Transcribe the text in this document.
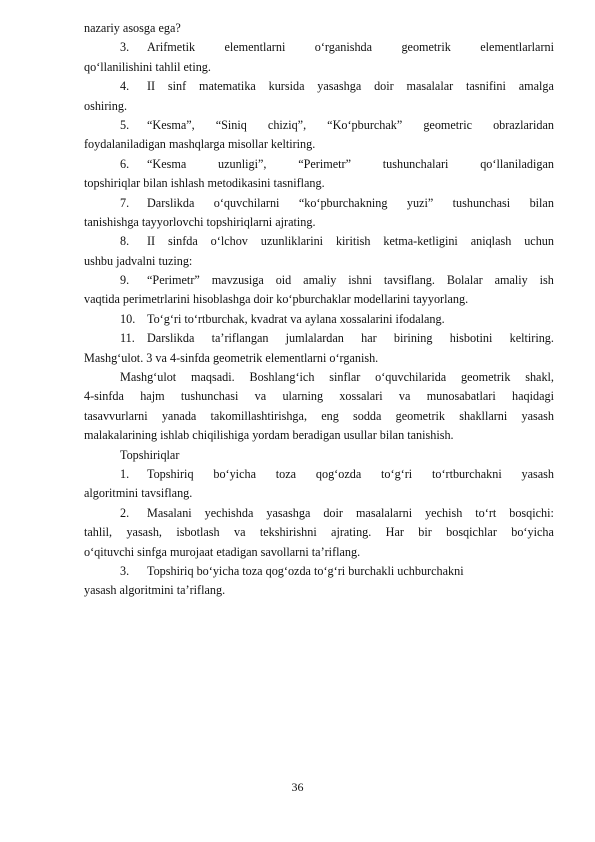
nazariy asosga ega?
3.	Arifmetik elementlarni o‘rganishda geometrik elementlarlarni
qo‘llanilishini tahlil eting.
4.	II sinf matematika kursida yasashga doir masalalar tasnifini amalga
oshiring.
5.	“Kesma”, “Siniq chiziq”, “Ko‘pburchak” geometric obrazlaridan
foydalaniladigan mashqlarga misollar keltiring.
6.	“Kesma	uzunligi”,	“Perimetr”	tushunchalari	qo‘llaniladigan
topshiriqlar bilan ishlash metodikasini tasniflang.
7.	Darslikda o‘quvchilarni “ko‘pburchakning yuzi” tushunchasi bilan
tanishishga tayyorlovchi topshiriqlarni ajrating.
8.	II sinfda o‘lchov uzunliklarini kiritish ketma-ketligini aniqlash uchun
ushbu jadvalni tuzing:
9.	“Perimetr” mavzusiga oid amaliy ishni tavsiflang. Bolalar amaliy ish
vaqtida perimetrlarini hisoblashga doir ko‘pburchaklar modellarini tayyorlang.
10. To‘g‘ri to‘rtburchak, kvadrat va aylana xossalarini ifodalang.
11.	Darslikda ta’riflangan jumlalardan har birining hisbotini keltiring.
Mashg‘ulot. 3 va 4-sinfda geometrik elementlarni o‘rganish.
Mashg‘ulot maqsadi. Boshlang‘ich sinflar o‘quvchilarida geometrik shakl,
4-sinfda hajm tushunchasi va ularning xossalari va munosabatlari haqidagi
tasavvurlarni yanada takomillashtirishga, eng sodda geometrik shakllarni yasash
malakalarining ishlab chiqilishiga yordam beradigan usullar bilan tanishish.
Topshiriqlar
1.	Topshiriq bo‘yicha toza qog‘ozda to‘g‘ri to‘rtburchakni yasash
algoritmini tavsiflang.
2.	Masalani yechishda yasashga doir masalalarni yechish to‘rt bosqichi:
tahlil, yasash, isbotlash va tekshirishni ajrating. Har bir bosqichlar bo‘yicha
o‘qituvchi sinfga murojaat etadigan savollarni ta’riflang.
3. Topshiriq bo‘yicha toza qog‘ozda to‘g‘ri burchakli uchburchakni
yasash algoritmini ta’riflang.
36
